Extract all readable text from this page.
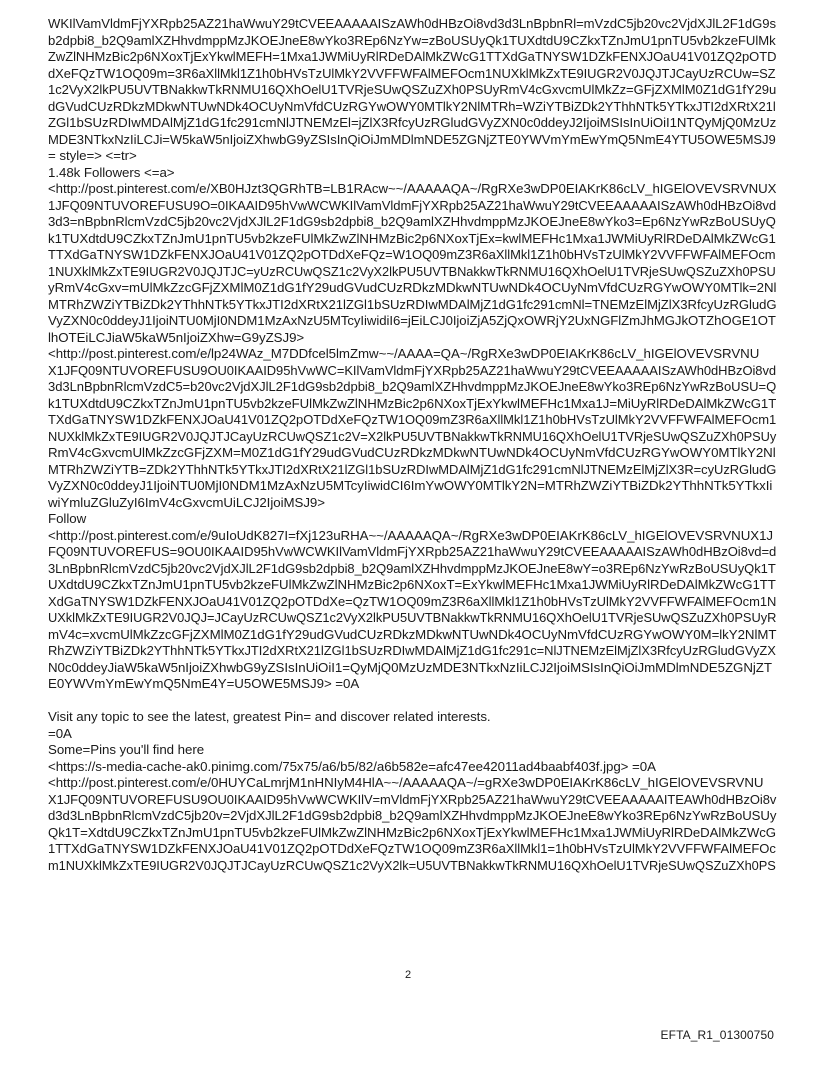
WKIlVamVldmFjYXRpb25AZ21haWwuY29tCVEEAAAAAISzAWh0dHBzOi8vd3d3LnBpbnRl=mVzdC5jb20vc2VjdXJlL2F1dG9s
b2dpbi8_b2Q9amlXZHhvdmppMzJKOEJneE8wYko3REp6NzYw=zBoUSUyQk1TUXdtdU9CZkxTZnJmU1pnTU5vb2kzeFUlMk
ZwZlNHMzBic2p6NXoxTjExYkwlMEFH=1Mxa1JWMiUyRlRDeDAlMkZWcG1TTXdGaTNYSW1DZkFENXJOaU41V01ZQ2pOTD
dXeFQzTW1OQ09m=3R6aXllMkl1Z1h0bHVsTzUlMkY2VVFFWFAlMEFOcm1NUXklMkZxTE9IUGR2V0JQJTJCayUzRCUw=SZ
1c2VyX2lkPU5UVTBNakkwTkRNMU16QXhOelU1TVRjeSUwQSZuZXh0PSUyRmV4cGxvcmUlMkZz=GFjZXMlM0Z1dG1fY29u
dGVudCUzRDkzMDkwNTUwNDk4OCUyNmVfdCUzRGYwOWY0MTlkY2NlMTRh=WZiYTBiZDk2YThhNTk5YTkxJTI2dXRtX21l
ZGl1bSUzRDIwMDAlMjZ1dG1fc291cmNlJTNEMzEl=jZlX3RfcyUzRGludGVyZXN0c0ddeyJ2IjoiMSIsInUiOiI1NTQyMjQ0MzUz
MDE3NTkxNzIiLCJi=W5kaW5nIjoiZXhwbG9yZSIsInQiOiJmMDlmNDE5ZGNjZTE0YWVmYmEwYmQ5NmE4YTU5OWE5MSJ9
= style=> <=tr>
1.48k Followers <=a>
<http://post.pinterest.com/e/XB0HJzt3QGRhTB=LB1RAcw~~/AAAAAQA~/RgRXe3wDP0EIAKrK86cLV_hIGElOVEVSRVNUX
1JFQ09NTUVOREFUSU9O=0IKAAID95hVwWCWKIlVamVldmFjYXRpb25AZ21haWwuY29tCVEEAAAAAISzAWh0dHBzOi8vd
3d3=nBpbnRlcmVzdC5jb20vc2VjdXJlL2F1dG9sb2dpbi8_b2Q9amlXZHhvdmppMzJKOEJneE8wYko3=Ep6NzYwRzBoUSUyQ
k1TUXdtdU9CZkxTZnJmU1pnTU5vb2kzeFUlMkZwZlNHMzBic2p6NXoxTjEx=kwlMEFHc1Mxa1JWMiUyRlRDeDAlMkZWcG1
TTXdGaTNYSW1DZkFENXJOaU41V01ZQ2pOTDdXeFQz=W1OQ09mZ3R6aXllMkl1Z1h0bHVsTzUlMkY2VVFFWFAlMEFOcm
1NUXklMkZxTE9IUGR2V0JQJTJC=yUzRCUwQSZ1c2VyX2lkPU5UVTBNakkwTkRNMU16QXhOelU1TVRjeSUwQSZuZXh0PSU
yRmV4cGxv=mUlMkZzcGFjZXMlM0Z1dG1fY29udGVudCUzRDkzMDkwNTUwNDk4OCUyNmVfdCUzRGYwOWY0MTlk=2Nl
MTRhZWZiYTBiZDk2YThhNTk5YTkxJTI2dXRtX21lZGl1bSUzRDIwMDAlMjZ1dG1fc291cmNl=TNEMzElMjZlX3RfcyUzRGludG
VyZXN0c0ddeyJ1IjoiNTU0MjI0NDM1MzAxNzU5MTcyIiwidiI6=jEiLCJ0IjoiZjA5ZjQxOWRjY2UxNGFlZmJhMGJkOTZhOGE1OT
lhOTEiLCJiaW5kaW5nIjoiZXhw=G9yZSJ9>
<http://post.pinterest.com/e/lp24WAz_M7DDfcel5lmZmw~~/AAAA=QA~/RgRXe3wDP0EIAKrK86cLV_hIGElOVEVSRVNU
X1JFQ09NTUVOREFUSU9OU0IKAAID95hVwWC=KIlVamVldmFjYXRpb25AZ21haWwuY29tCVEEAAAAAISzAWh0dHBzOi8vd
3d3LnBpbnRlcmVzdC5=b20vc2VjdXJlL2F1dG9sb2dpbi8_b2Q9amlXZHhvdmppMzJKOEJneE8wYko3REp6NzYwRzBoUSU=Q
k1TUXdtdU9CZkxTZnJmU1pnTU5vb2kzeFUlMkZwZlNHMzBic2p6NXoxTjExYkwlMEFHc1Mxa1J=MiUyRlRDeDAlMkZWcG1T
TXdGaTNYSW1DZkFENXJOaU41V01ZQ2pOTDdXeFQzTW1OQ09mZ3R6aXllMkl1Z1h0bHVsTzUlMkY2VVFFWFAlMEFOcm1
NUXklMkZxTE9IUGR2V0JQJTJCayUzRCUwQSZ1c2V=X2lkPU5UVTBNakkwTkRNMU16QXhOelU1TVRjeSUwQSZuZXh0PSUy
RmV4cGxvcmUlMkZzcGFjZXM=M0Z1dG1fY29udGVudCUzRDkzMDkwNTUwNDk4OCUyNmVfdCUzRGYwOWY0MTlkY2Nl
MTRhZWZiYTB=ZDk2YThhNTk5YTkxJTI2dXRtX21lZGl1bSUzRDIwMDAlMjZ1dG1fc291cmNlJTNEMzElMjZlX3R=cyUzRGludG
VyZXN0c0ddeyJ1IjoiNTU0MjI0NDM1MzAxNzU5MTcyIiwidCI6ImYwOWY0MTlkY2N=MTRhZWZiYTBiZDk2YThhNTk5YTkxIi
wiYmluZGluZyI6ImV4cGxvcmUiLCJ2IjoiMSJ9>
Follow
<http://post.pinterest.com/e/9uIoUdK827I=fXj123uRHA~~/AAAAAQA~/RgRXe3wDP0EIAKrK86cLV_hIGElOVEVSRVNUX1J
FQ09NTUVOREFUS=9OU0IKAAID95hVwWCWKIlVamVldmFjYXRpb25AZ21haWwuY29tCVEEAAAAAISzAWh0dHBzOi8vd=d
3LnBpbnRlcmVzdC5jb20vc2VjdXJlL2F1dG9sb2dpbi8_b2Q9amlXZHhvdmppMzJKOEJneE8wY=o3REp6NzYwRzBoUSUyQk1T
UXdtdU9CZkxTZnJmU1pnTU5vb2kzeFUlMkZwZlNHMzBic2p6NXoxT=ExYkwlMEFHc1Mxa1JWMiUyRlRDeDAlMkZWcG1TT
XdGaTNYSW1DZkFENXJOaU41V01ZQ2pOTDdXe=QzTW1OQ09mZ3R6aXllMkl1Z1h0bHVsTzUlMkY2VVFFWFAlMEFOcm1N
UXklMkZxTE9IUGR2V0JQJ=JCayUzRCUwQSZ1c2VyX2lkPU5UVTBNakkwTkRNMU16QXhOelU1TVRjeSUwQSZuZXh0PSUyR
mV4c=xvcmUlMkZzcGFjZXMlM0Z1dG1fY29udGVudCUzRDkzMDkwNTUwNDk4OCUyNmVfdCUzRGYwOWY0M=lkY2NlMT
RhZWZiYTBiZDk2YThhNTk5YTkxJTI2dXRtX21lZGl1bSUzRDIwMDAlMjZ1dG1fc291c=NlJTNEMzElMjZlX3RfcyUzRGludGVyZX
N0c0ddeyJiaW5kaW5nIjoiZXhwbG9yZSIsInUiOiI1=QyMjQ0MzUzMDE3NTkxNzIiLCJ2IjoiMSIsInQiOiJmMDlmNDE5ZGNjZT
E0YWVmYmEwYmQ5NmE4Y=U5OWE5MSJ9> =0A
Visit any topic to see the latest, greatest Pin= and discover related interests.
=0A
Some=Pins you'll find here
<https://s-media-cache-ak0.pinimg.com/75x75/a6/b5/82/a6b582e=afc47ee42011ad4baabf403f.jpg> =0A
<http://post.pinterest.com/e/0HUYCaLmrjM1nHNIyM4HlA~~/AAAAAQA~/=gRXe3wDP0EIAKrK86cLV_hIGElOVEVSRVNU
X1JFQ09NTUVOREFUSU9OU0IKAAID95hVwWCWKIlV=mVldmFjYXRpb25AZ21haWwuY29tCVEEAAAAAITEAWh0dHBzOi8v
d3d3LnBpbnRlcmVzdC5jb20v=2VjdXJlL2F1dG9sb2dpbi8_b2Q9amlXZHhvdmppMzJKOEJneE8wYko3REp6NzYwRzBoUSUy
Qk1T=XdtdU9CZkxTZnJmU1pnTU5vb2kzeFUlMkZwZlNHMzBic2p6NXoxTjExYkwlMEFHc1Mxa1JWMiUyRlRDeDAlMkZWcG
1TTXdGaTNYSW1DZkFENXJOaU41V01ZQ2pOTDdXeFQzTW1OQ09mZ3R6aXllMkl1=1h0bHVsTzUlMkY2VVFFWFAlMEFOc
m1NUXklMkZxTE9IUGR2V0JQJTJCayUzRCUwQSZ1c2VyX2lk=U5UVTBNakkwTkRNMU16QXhOelU1TVRjeSUwQSZuZXh0PS
2
EFTA_R1_01300750
